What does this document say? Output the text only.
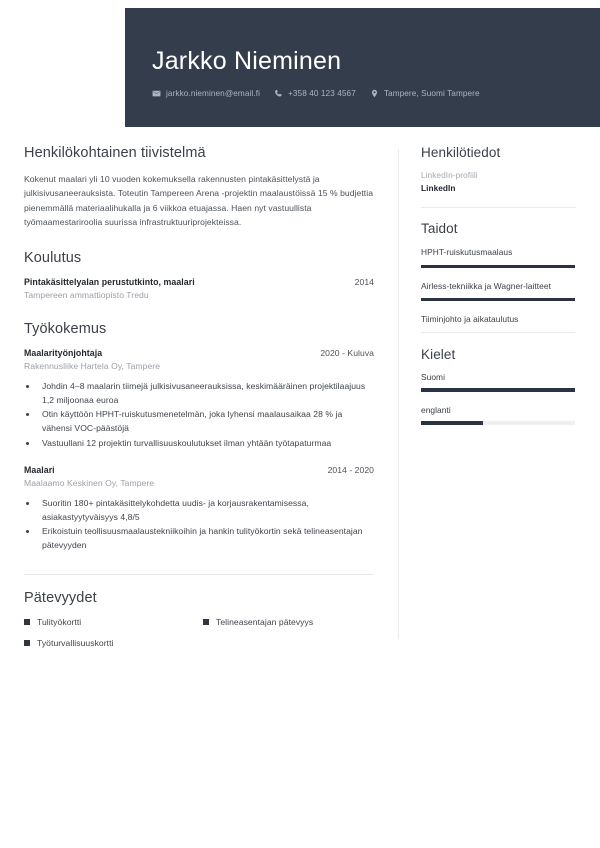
Jarkko Nieminen
jarkko.nieminen@email.fi	+358 40 123 4567	Tampere, Suomi Tampere
Henkilökohtainen tiivistelmä
Kokenut maalari yli 10 vuoden kokemuksella rakennusten pintakäsittelystä ja julkisivusaneerauksista. Toteutin Tampereen Arena -projektin maalaustöissä 15 % budjettia pienemmällä materiaalihukalla ja 6 viikkoa etuajassa. Haen nyt vastuullista työmaamestariroolia suurissa infrastruktuuriprojekteissa.
Koulutus
Pintakäsittelyalan perustutkinto, maalari	2014
Tampereen ammattiopisto Tredu
Työkokemus
Maalarityönjohtaja	2020 - Kuluva
Rakennusliike Hartela Oy, Tampere
• Johdin 4–8 maalarin tiimejä julkisivusaneerauksissa, keskimääräinen projektilaajuus 1,2 miljoonaa euroa
• Otin käyttöön HPHT-ruiskutusmenetelmän, joka lyhensi maalausaikaa 28 % ja vähensi VOC-päästöjä
• Vastuullani 12 projektin turvallisuuskoulutukset ilman yhtään työtapaturmaa
Maalari	2014 - 2020
Maalaamo Keskinen Oy, Tampere
• Suoritin 180+ pintakäsittelykohdetta uudis- ja korjausrakentamisessa, asiakastyytyväisyys 4,8/5
• Erikoistuin teollisuusmaalaustekniikoihin ja hankin tulityökortin sekä telineasentajan pätevyyden
Pätevyydet
Tulityökortti	Telineasentajan pätevyys
Työturvallisuuskortti
Henkilötiedot
LinkedIn-profiili
LinkedIn
Taidot
HPHT-ruiskutusmaalaus
Airless-tekniikka ja Wagner-laitteet
Tiiminjohto ja aikataulutus
Kielet
Suomi
englanti
